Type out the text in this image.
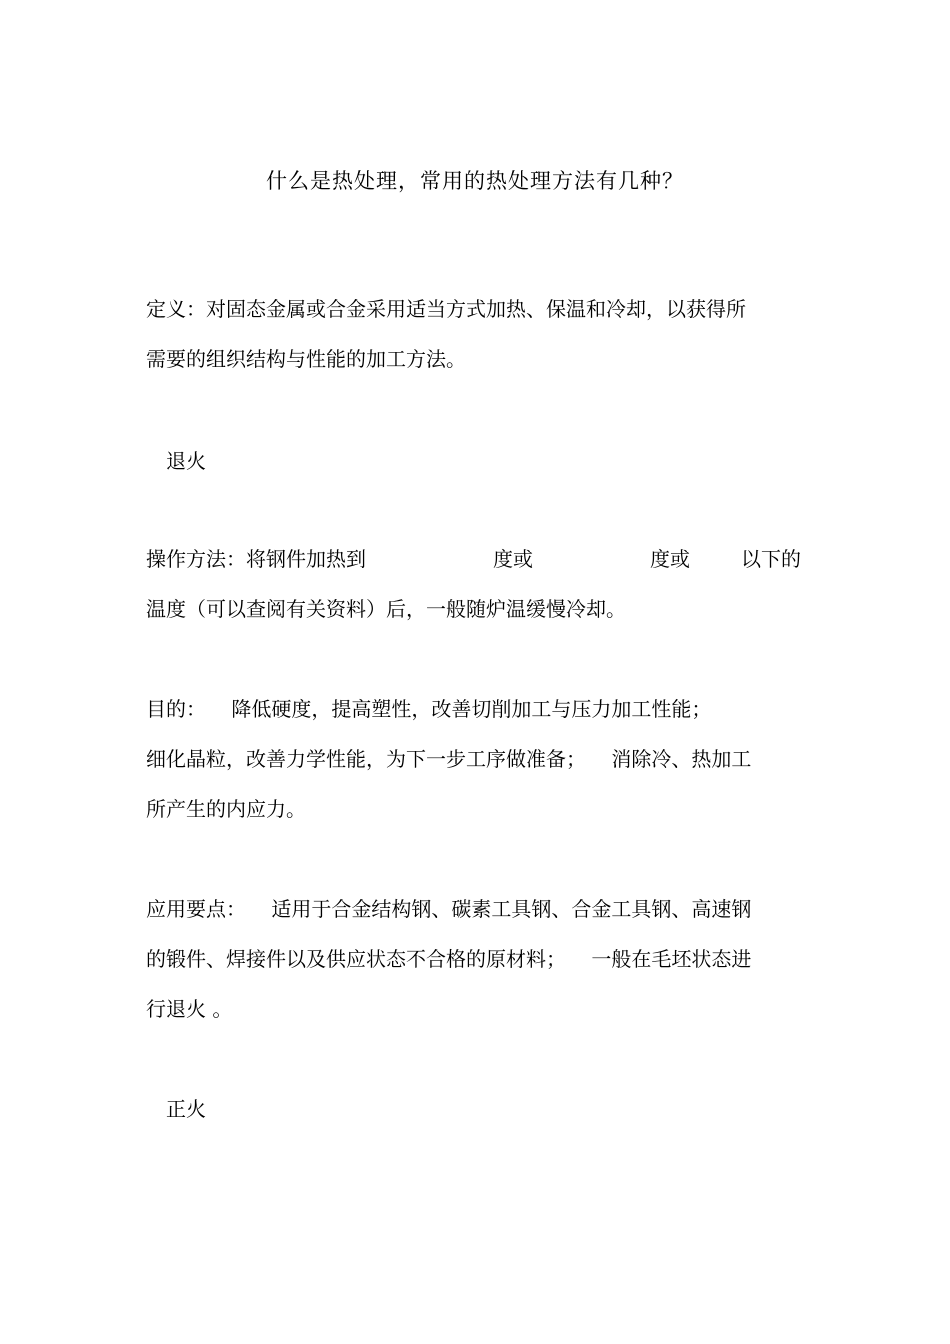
什么是热处理，常用的热处理方法有几种？
定义：对固态金属或合金采用适当方式加热、保温和冷却，以获得所
需要的组织结构与性能的加工方法。
退火
操作方法：将钢件加热到	度或	度或	以下的
温度（可以查阅有关资料）后，一般随炉温缓慢冷却。
目的：    降低硬度，提高塑性，改善切削加工与压力加工性能；
细化晶粒，改善力学性能，为下一步工序做准备；    消除冷、热加工
所产生的内应力。
应用要点：    适用于合金结构钢、碳素工具钢、合金工具钢、高速钢
的锻件、焊接件以及供应状态不合格的原材料；    一般在毛坯状态进
行退火 。
正火
